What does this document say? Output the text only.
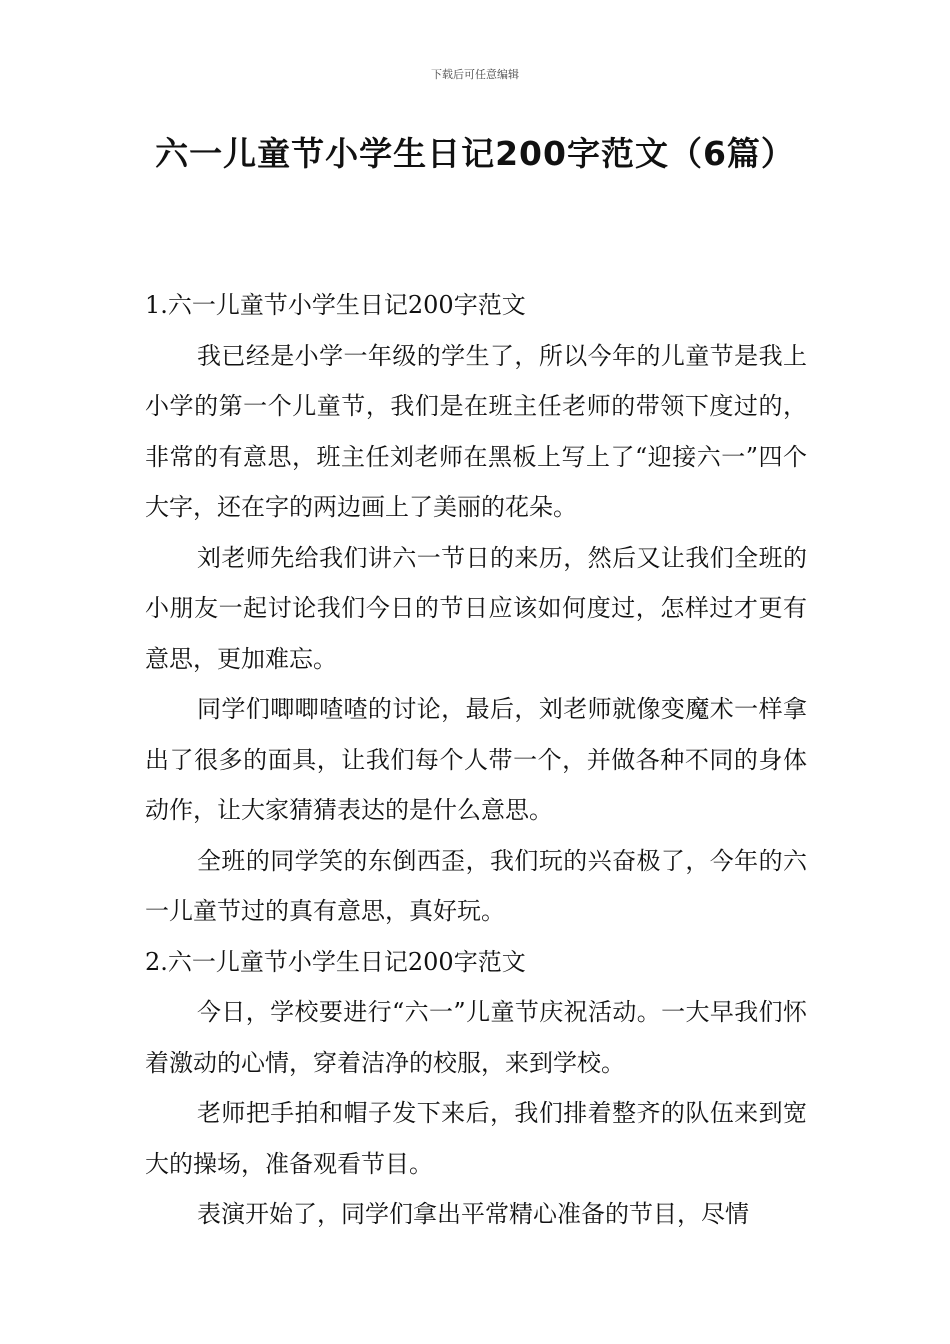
下载后可任意编辑
六一儿童节小学生日记200字范文（6篇）

1.六一儿童节小学生日记200字范文

我已经是小学一年级的学生了，所以今年的儿童节是我上小学的第一个儿童节，我们是在班主任老师的带领下度过的，非常的有意思，班主任刘老师在黑板上写上了“迎接六一”四个大字，还在字的两边画上了美丽的花朵。

刘老师先给我们讲六一节日的来历，然后又让我们全班的小朋友一起讨论我们今日的节日应该如何度过，怎样过才更有意思，更加难忘。

同学们唧唧喳喳的讨论，最后，刘老师就像变魔术一样拿出了很多的面具，让我们每个人带一个，并做各种不同的身体动作，让大家猜猜表达的是什么意思。

全班的同学笑的东倒西歪，我们玩的兴奋极了，今年的六一儿童节过的真有意思，真好玩。

2.六一儿童节小学生日记200字范文

今日，学校要进行“六一”儿童节庆祝活动。一大早我们怀着激动的心情，穿着洁净的校服，来到学校。

老师把手拍和帽子发下来后，我们排着整齐的队伍来到宽大的操场，准备观看节目。

表演开始了，同学们拿出平常精心准备的节目，尽情
